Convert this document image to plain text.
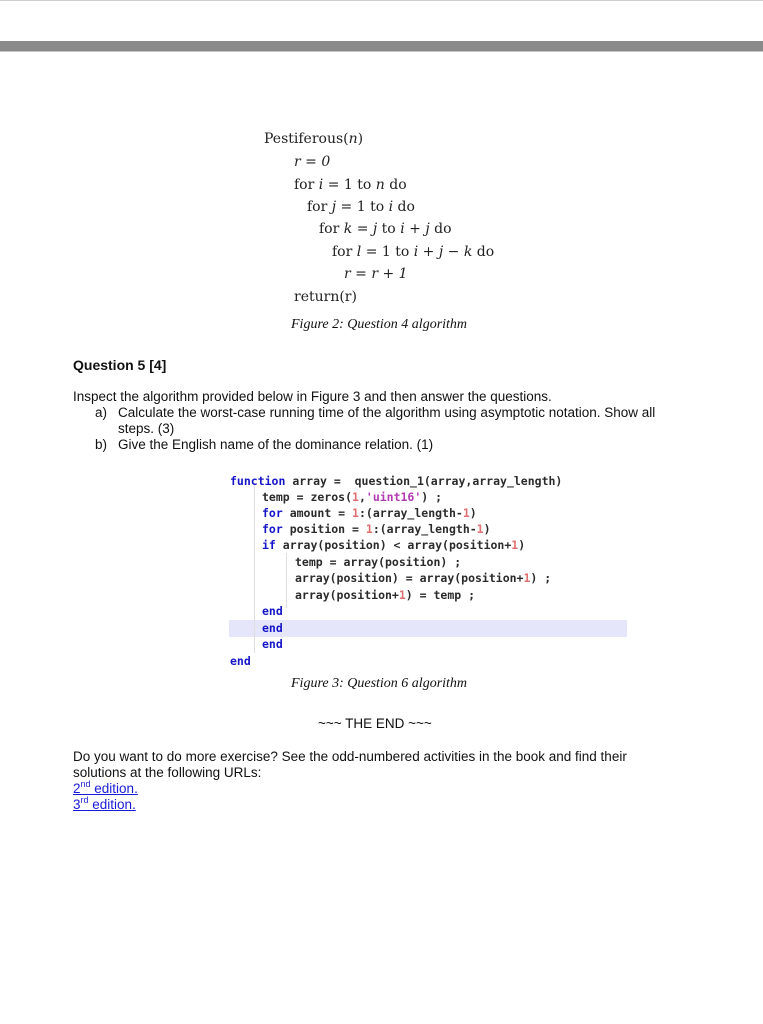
Pestiferous(n)
r = 0
for i = 1 to n do
for j = 1 to i do
for k = j to i + j do
for l = 1 to i + j − k do
r = r + 1
return(r)
Figure 2: Question 4 algorithm
Question 5 [4]
Inspect the algorithm provided below in Figure 3 and then answer the questions.
a) Calculate the worst-case running time of the algorithm using asymptotic notation. Show all
steps. (3)
b) Give the English name of the dominance relation. (1)
function array =  question_1(array,array_length)
temp = zeros(1,'uint16') ;
for amount = 1:(array_length-1)
for position = 1:(array_length-1)
if array(position) < array(position+1)
temp = array(position) ;
array(position) = array(position+1) ;
array(position+1) = temp ;
end
end
end
end
Figure 3: Question 6 algorithm
~~~ THE END ~~~
Do you want to do more exercise? See the odd-numbered activities in the book and find their
solutions at the following URLs:
2nd edition.
3rd edition.
